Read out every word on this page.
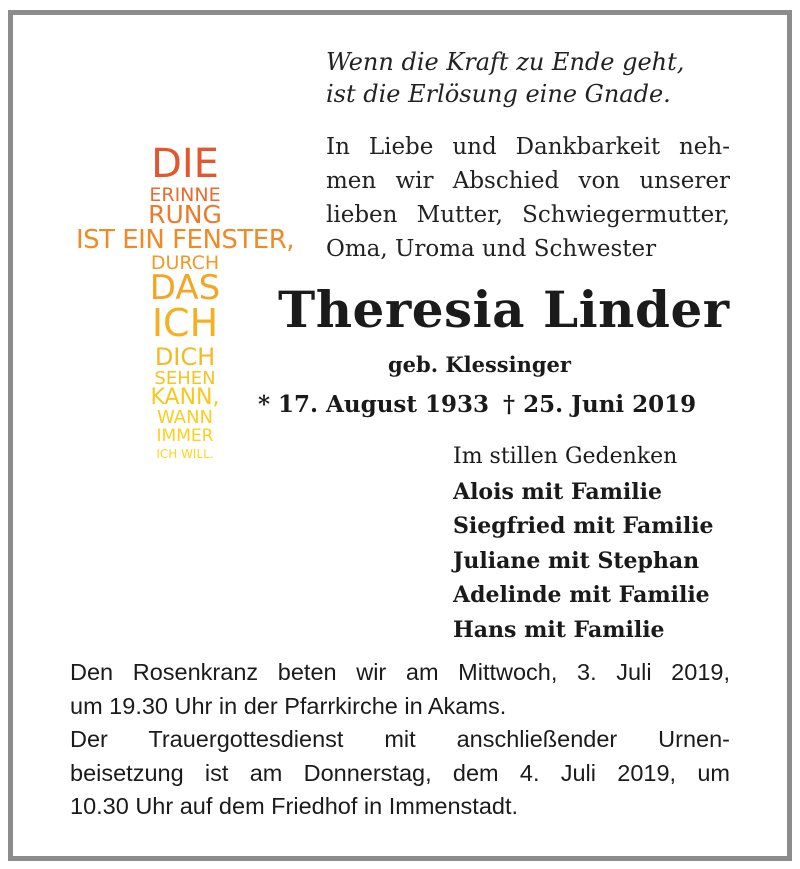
DIE
ERINNE
RUNG
IST EIN FENSTER,
DURCH
DAS
ICH
DICH
SEHEN
KANN,
WANN
IMMER
ICH WILL.
Wenn die Kraft zu Ende geht,
ist die Erlösung eine Gnade.
In Liebe und Dankbarkeit neh-
men wir Abschied von unserer
lieben Mutter, Schwiegermutter,
Oma, Uroma und Schwester
Theresia Linder
geb. Klessinger
* 17. August 1933 † 25. Juni 2019
Im stillen Gedenken
Alois mit Familie
Siegfried mit Familie
Juliane mit Stephan
Adelinde mit Familie
Hans mit Familie
Den Rosenkranz beten wir am Mittwoch, 3. Juli 2019,
um 19.30 Uhr in der Pfarrkirche in Akams.
Der Trauergottesdienst mit anschließender Urnen-
beisetzung ist am Donnerstag, dem 4. Juli 2019, um
10.30 Uhr auf dem Friedhof in Immenstadt.
